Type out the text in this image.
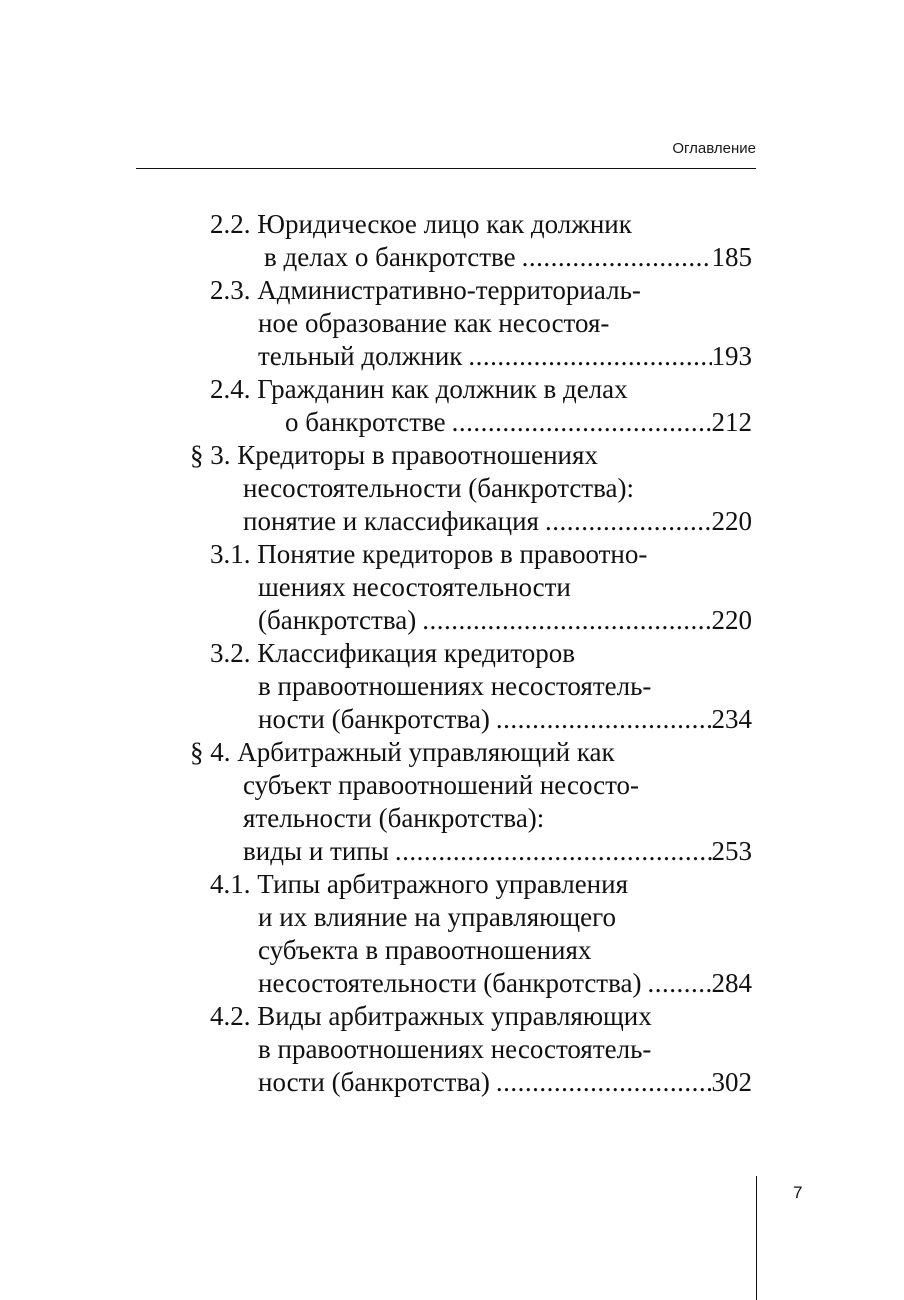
Оглавление
2.2. Юридическое лицо как должник
в делах о банкротстве .....	185
2.3. Административно-территориаль-
ное образование как несостоя-
тельный должник .....	193
2.4. Гражданин как должник в делах
о банкротстве .....	212
§ 3. Кредиторы в правоотношениях
несостоятельности (банкротства):
понятие и классификация .....	220
3.1. Понятие кредиторов в правоотно-
шениях несостоятельности
(банкротства) .....	220
3.2. Классификация кредиторов
в правоотношениях несостоятель-
ности (банкротства) .....	234
§ 4. Арбитражный управляющий как
субъект правоотношений несосто-
ятельности (банкротства):
виды и типы .....	253
4.1. Типы арбитражного управления
и их влияние на управляющего
субъекта в правоотношениях
несостоятельности (банкротства) .....	284
4.2. Виды арбитражных управляющих
в правоотношениях несостоятель-
ности (банкротства) .....	302
7
